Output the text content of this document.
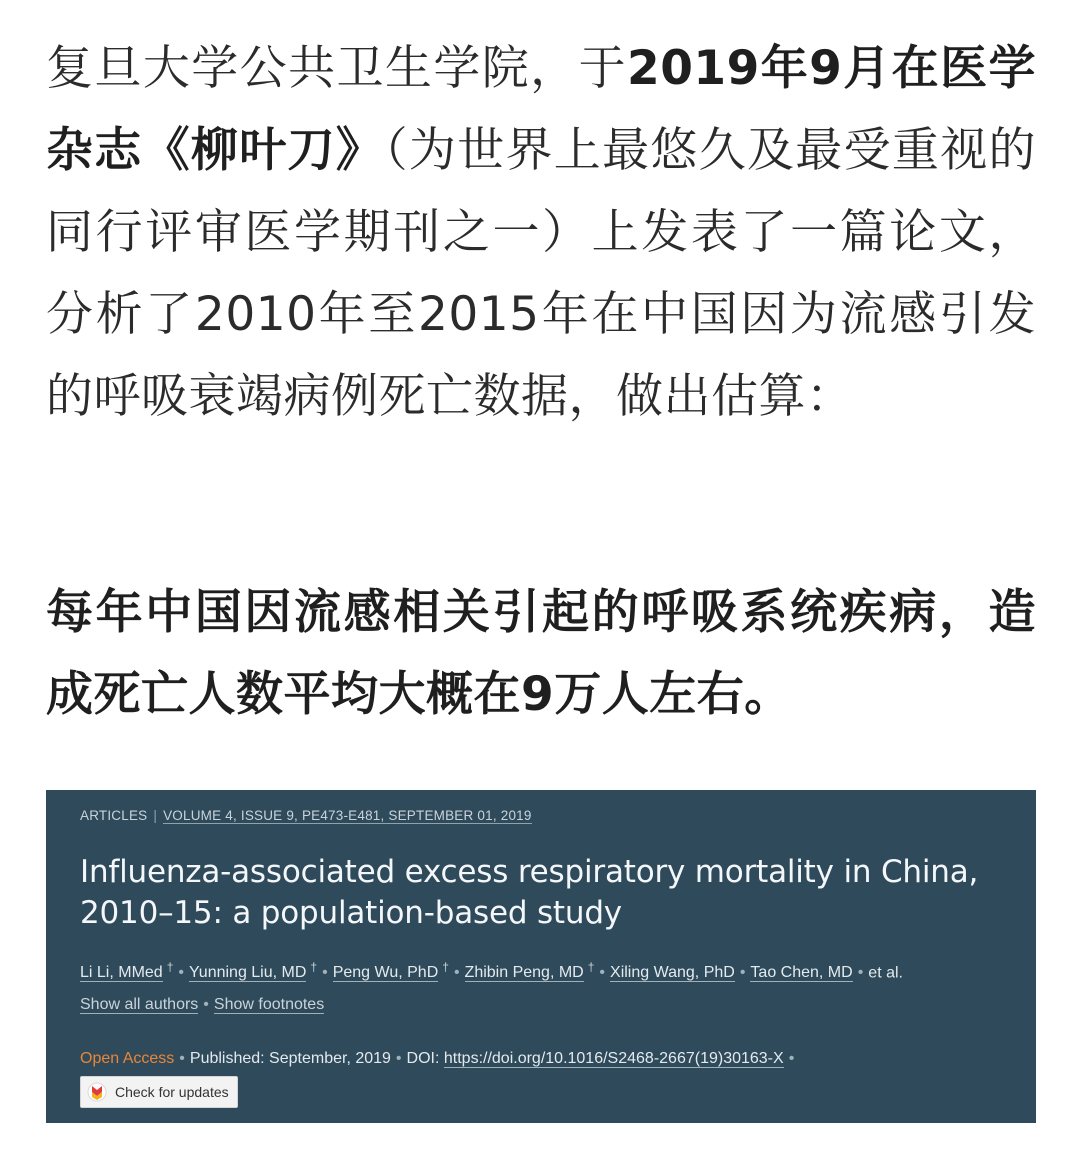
复旦大学公共卫生学院，于2019年9月在医学杂志《柳叶刀》（为世界上最悠久及最受重视的同行评审医学期刊之一）上发表了一篇论文，分析了2010年至2015年在中国因为流感引发的呼吸衰竭病例死亡数据，做出估算：

每年中国因流感相关引起的呼吸系统疾病，造成死亡人数平均大概在9万人左右。

ARTICLES | VOLUME 4, ISSUE 9, PE473-E481, SEPTEMBER 01, 2019
Influenza-associated excess respiratory mortality in China, 2010–15: a population-based study
Li Li, MMed † • Yunning Liu, MD † • Peng Wu, PhD † • Zhibin Peng, MD † • Xiling Wang, PhD • Tao Chen, MD • et al.
Show all authors • Show footnotes
Open Access • Published: September, 2019 • DOI: https://doi.org/10.1016/S2468-2667(19)30163-X •
Check for updates
